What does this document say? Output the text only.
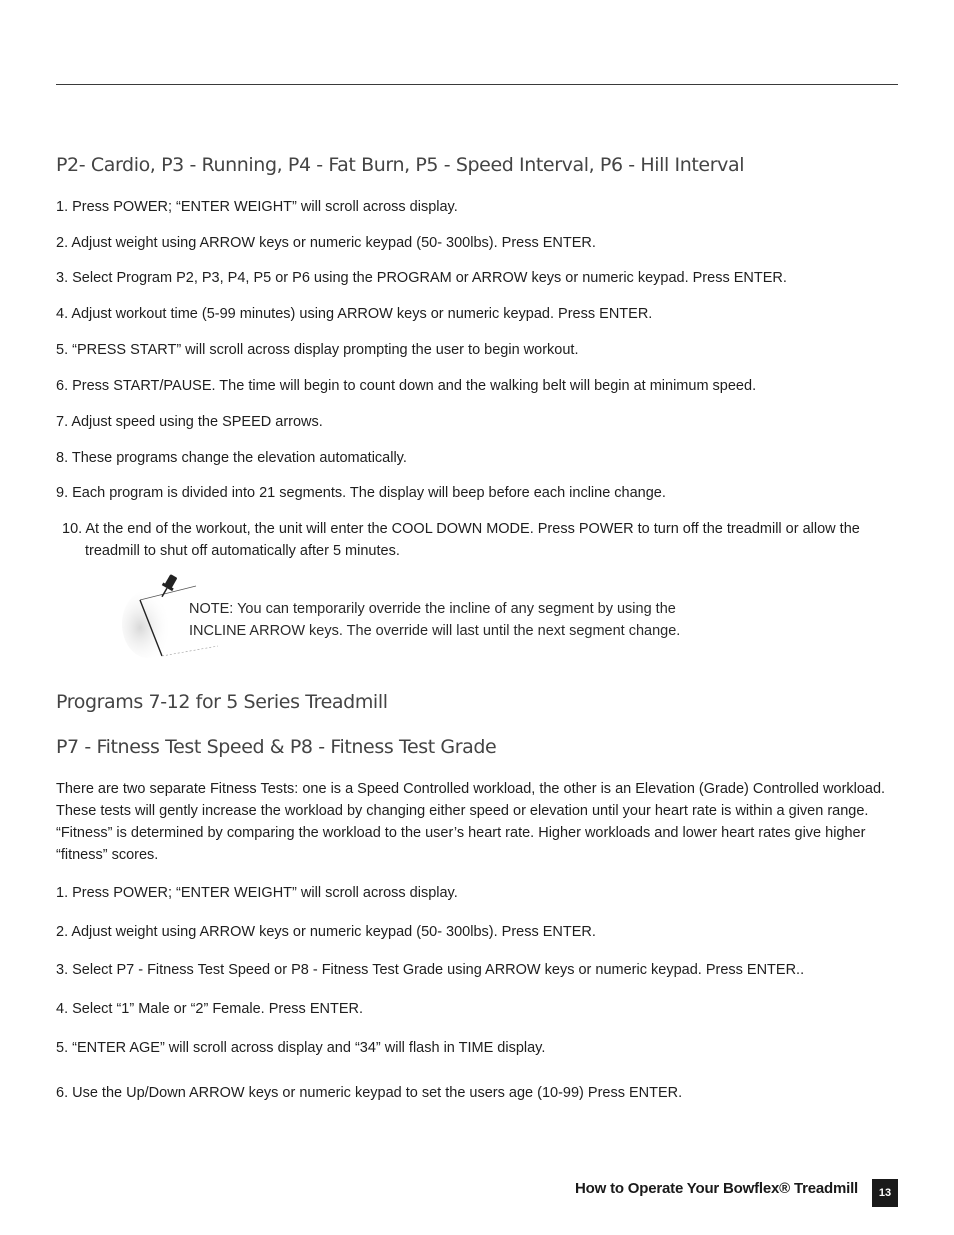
P2- Cardio, P3 - Running, P4 - Fat Burn, P5 - Speed Interval, P6 - Hill Interval

1. Press POWER; “ENTER WEIGHT” will scroll across display.

2. Adjust weight using ARROW keys or numeric keypad (50- 300lbs). Press ENTER.

3. Select Program P2, P3, P4, P5 or P6 using the PROGRAM or ARROW keys or numeric keypad. Press ENTER.

4. Adjust workout time (5-99 minutes) using ARROW keys or numeric keypad. Press ENTER.

5. “PRESS START” will scroll across display prompting the user to begin workout.

6. Press START/PAUSE. The time will begin to count down and the walking belt will begin at minimum speed.

7. Adjust speed using the SPEED arrows.

8. These programs change the elevation automatically.

9. Each program is divided into 21 segments. The display will beep before each incline change.

10. At the end of the workout, the unit will enter the COOL DOWN MODE. Press POWER to turn off the treadmill or allow the treadmill to shut off automatically after 5 minutes.

NOTE: You can temporarily override the incline of any segment by using the
INCLINE ARROW keys. The override will last until the next segment change.
Programs 7-12 for 5 Series Treadmill
P7 - Fitness Test Speed & P8 - Fitness Test Grade

There are two separate Fitness Tests: one is a Speed Controlled workload, the other is an Elevation (Grade) Controlled workload. These tests will gently increase the workload by changing either speed or elevation until your heart rate is within a given range. “Fitness” is determined by comparing the workload to the user’s heart rate. Higher workloads and lower heart rates give higher “fitness” scores.

1. Press POWER; “ENTER WEIGHT” will scroll across display.

2. Adjust weight using ARROW keys or numeric keypad (50- 300lbs). Press ENTER.

3. Select P7 - Fitness Test Speed or P8 - Fitness Test Grade using ARROW keys or numeric keypad. Press ENTER..

4. Select “1” Male or “2” Female. Press ENTER.

5. “ENTER AGE” will scroll across display and “34” will flash in TIME display.

6. Use the Up/Down ARROW keys or numeric keypad to set the users age (10-99) Press ENTER.

How to Operate Your Bowflex® Treadmill	13
